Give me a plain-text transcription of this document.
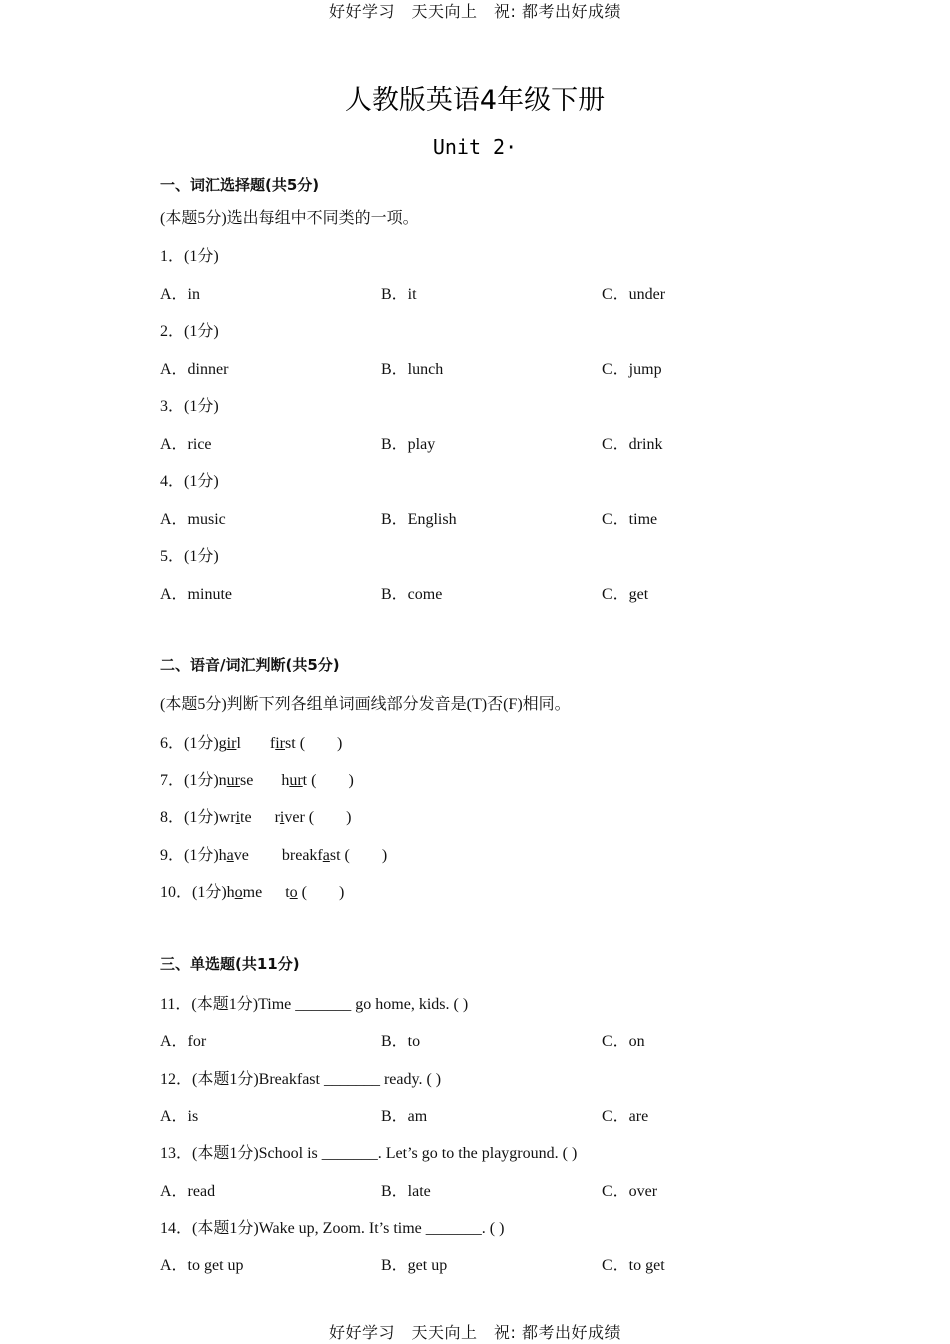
好好学习　天天向上　祝: 都考出好成绩
人教版英语4年级下册
Unit 2·
一、词汇选择题(共5分)
(本题5分)选出每组中不同类的一项。
1．(1分)
A．in	B．it	C．under
2．(1分)
A．dinner	B．lunch	C．jump
3．(1分)
A．rice	B．play	C．drink
4．(1分)
A．music	B．English	C．time
5．(1分)
A．minute	B．come	C．get
二、语音/词汇判断(共5分)
(本题5分)判断下列各组单词画线部分发音是(T)否(F)相同。
6．(1分)girl first (　　)
7．(1分)nurse hurt (　　)
8．(1分)write river (　　)
9．(1分)have breakfast (　　)
10．(1分)home to (　　)
三、单选题(共11分)
11．(本题1分)Time _______ go home, kids. ( )
A．for	B．to	C．on
12．(本题1分)Breakfast _______ ready. ( )
A．is	B．am	C．are
13．(本题1分)School is _______. Let’s go to the playground. ( )
A．read	B．late	C．over
14．(本题1分)Wake up, Zoom. It’s time _______. ( )
A．to get up	B．get up	C．to get
好好学习　天天向上　祝: 都考出好成绩
